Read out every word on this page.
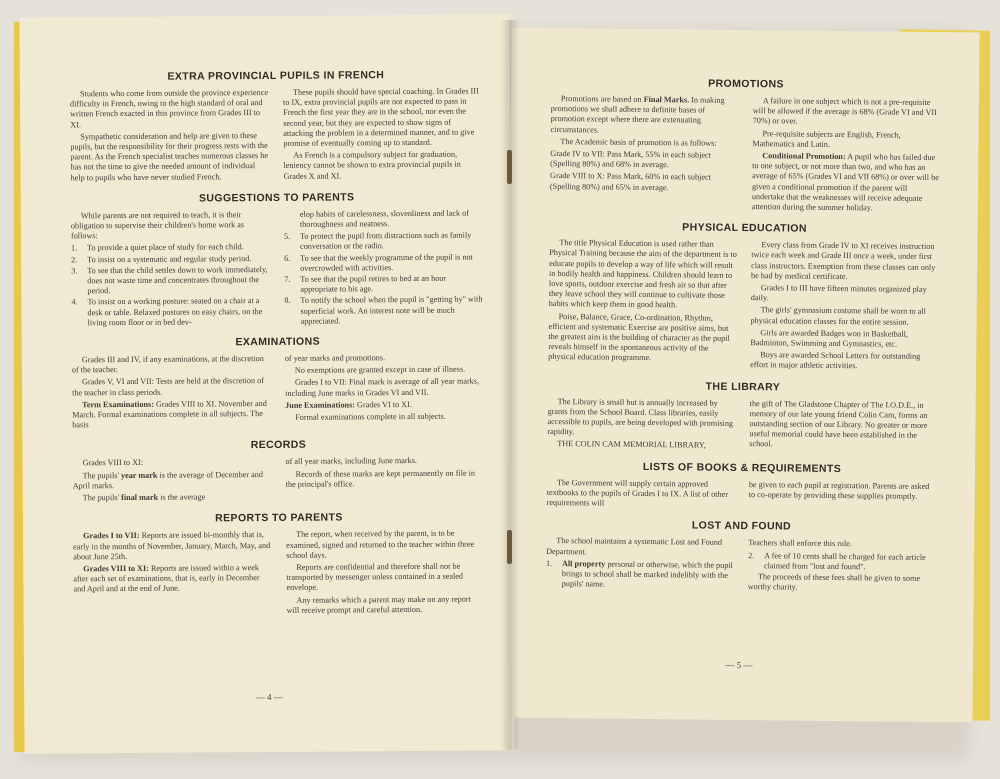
EXTRA PROVINCIAL PUPILS IN FRENCH

Students who come from outside the province experience difficulty in French, owing to the high standard of oral and written French exacted in this province from Grades III to XI.

Sympathetic consideration and help are given to these pupils, but the responsibility for their progress rests with the parent. As the French specialist teaches numerous classes he has not the time to give the needed amount of individual help to pupils who have never studied French.

These pupils should have special coaching. In Grades III to IX, extra provincial pupils are not expected to pass in French the first year they are in the school, nor even the second year, but they are expected to show signs of attacking the problem in a determined manner, and to give promise of eventually coming up to standard.

As French is a compulsory subject for graduation, leniency cannot be shown to extra provincial pupils in Grades X and XI.

SUGGESTIONS TO PARENTS

While parents are not required to teach, it is their obligation to supervise their children's home work as follows:

1.	To provide a quiet place of study for each child.
2.	To insist on a systematic and regular study period.
3.	To see that the child settles down to work immediately, does not waste time and concentrates throughout the period.
4.	To insist on a working posture: seated on a chair at a desk or table. Relaxed postures on easy chairs, on the living room floor or in bed dev-

elop habits of carelessness, slovenliness and lack of thoroughness and neatness.

5.	To protect the pupil from distractions such as family conversation or the radio.
6.	To see that the weekly programme of the pupil is not overcrowded with activities.
7.	To see that the pupil retires to bed at an hour appropriate to his age.
8.	To notify the school when the pupil is "getting by" with superficial work. An interest note will be much appreciated.
EXAMINATIONS

Grades III and IV, if any examinations, at the discretion of the teacher.

Grades V, VI and VII: Tests are held at the discretion of the teacher in class periods.

Term Examinations: Grades VIII to XI. November and March. Formal examinations complete in all subjects. The basis

of year marks and promotions.

No exemptions are granted except in case of illness.

Grades I to VII: Final mark is average of all year marks, including June marks in Grades VI and VII.

June Examinations: Grades VI to XI.

Formal examinations complete in all subjects.

RECORDS

Grades VIII to XI:

The pupils' year mark is the average of December and April marks.

The pupils' final mark is the average

of all year marks, including June marks.

Records of these marks are kept permanently on file in the principal's office.

REPORTS TO PARENTS

Grades I to VII: Reports are issued bi-monthly that is, early in the months of November, January, March, May, and about June 25th.

Grades VIII to XI: Reports are issued within a week after each set of examinations, that is, early in December and April and at the end of June.

The report, when received by the parent, is to be examined, signed and returned to the teacher within three school days.

Reports are confidential and therefore shall not be transported by messenger unless contained in a sealed envelope.

Any remarks which a parent may make on any report will receive prompt and careful attention.

— 4 —
PROMOTIONS

Promotions are based on Final Marks. In making promotions we shall adhere to definite bases of promotion except where there are extenuating circumstances.

The Academic basis of promotion is as follows:

Grade IV to VII: Pass Mark, 55% in each subject (Spelling 80%) and 68% in average.

Grade VIII to X: Pass Mark, 60% in each subject (Spelling 80%) and 65% in average.

A failure in one subject which is not a pre-requisite will be allowed if the average is 68% (Grade VI and VII 70%) or over.

Pre-requisite subjects are English, French, Mathematics and Latin.

Conditional Promotion: A pupil who has failed due to one subject, or not more than two, and who has an average of 65% (Grades VI and VII 68%) or over will be given a conditional promotion if the parent will undertake that the weaknesses will receive adequate attention during the summer holiday.

PHYSICAL EDUCATION

The title Physical Education is used rather than Physical Training because the aim of the department is to educate pupils to develop a way of life which will result in bodily health and happiness. Children should learn to love sports, outdoor exercise and fresh air so that after they leave school they will continue to cultivate those habits which keep them in good health.

Poise, Balance, Grace, Co-ordination, Rhythm, efficient and systematic Exercise are positive aims, but the greatest aim is the building of character as the pupil reveals himself in the spontaneous activity of the physical education programme.

Every class from Grade IV to XI receives instruction twice each week and Grade III once a week, under first class instructors. Exemption from these classes can only be had by medical certificate.

Grades I to III have fifteen minutes organized play daily.

The girls' gymnasium costume shall be worn to all physical education classes for the entire session.

Girls are awarded Badges won in Basketball, Badminton, Swimming and Gymnastics, etc.

Boys are awarded School Letters for outstanding effort in major athletic activities.

THE LIBRARY

The Library is small but is annually increased by grants from the School Board. Class libraries, easily accessible to pupils, are being developed with promising rapidity.

THE COLIN CAM MEMORIAL LIBRARY,

the gift of The Gladstone Chapter of The I.O.D.E., in memory of our late young friend Colin Cam, forms an outstanding section of our Library. No greater or more useful memorial could have been established in the school.

LISTS OF BOOKS & REQUIREMENTS

The Government will supply certain approved textbooks to the pupils of Grades I to IX. A list of other requirements will

be given to each pupil at registration. Parents are asked to co-operate by providing these supplies promptly.

LOST AND FOUND

The school maintains a systematic Lost and Found Department.

1.	All property personal or otherwise, which the pupil brings to school shall be marked indelibly with the pupils' name.

Teachers shall enforce this rule.

2.	A fee of 10 cents shall be charged for each article claimed from "lost and found".

The proceeds of these fees shall be given to some worthy charity.

— 5 —
